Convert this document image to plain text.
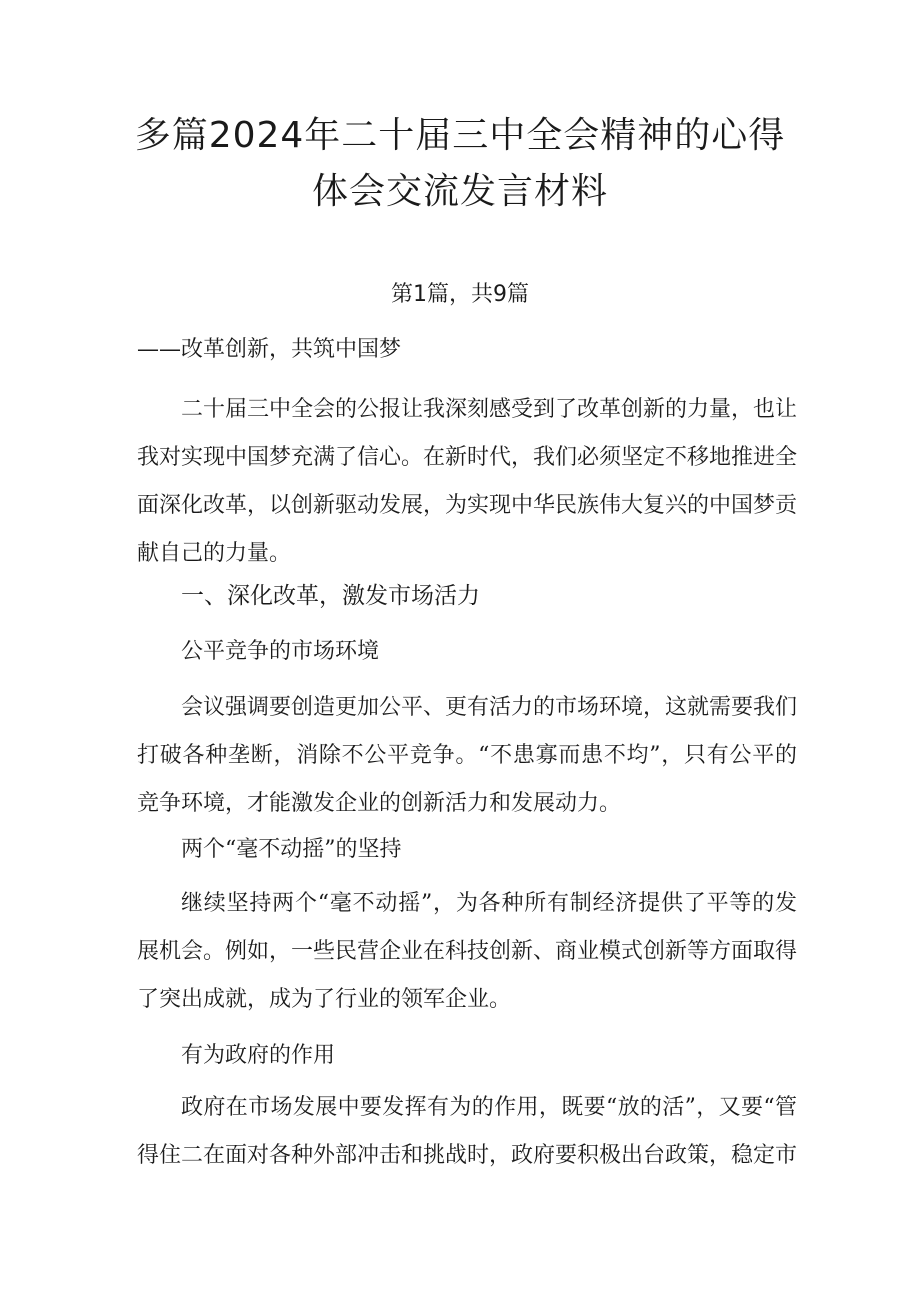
多篇2024年二十届三中全会精神的心得体会交流发言材料
第1篇，共9篇
——改革创新，共筑中国梦
二十届三中全会的公报让我深刻感受到了改革创新的力量，也让我对实现中国梦充满了信心。在新时代，我们必须坚定不移地推进全面深化改革，以创新驱动发展，为实现中华民族伟大复兴的中国梦贡献自己的力量。
一、深化改革，激发市场活力
公平竞争的市场环境
会议强调要创造更加公平、更有活力的市场环境，这就需要我们打破各种垄断，消除不公平竞争。“不患寡而患不均”，只有公平的竞争环境，才能激发企业的创新活力和发展动力。
两个“毫不动摇”的坚持
继续坚持两个“毫不动摇”，为各种所有制经济提供了平等的发展机会。例如，一些民营企业在科技创新、商业模式创新等方面取得了突出成就，成为了行业的领军企业。
有为政府的作用
政府在市场发展中要发挥有为的作用，既要“放的活”，又要“管得住二在面对各种外部冲击和挑战时，政府要积极出台政策，稳定市
